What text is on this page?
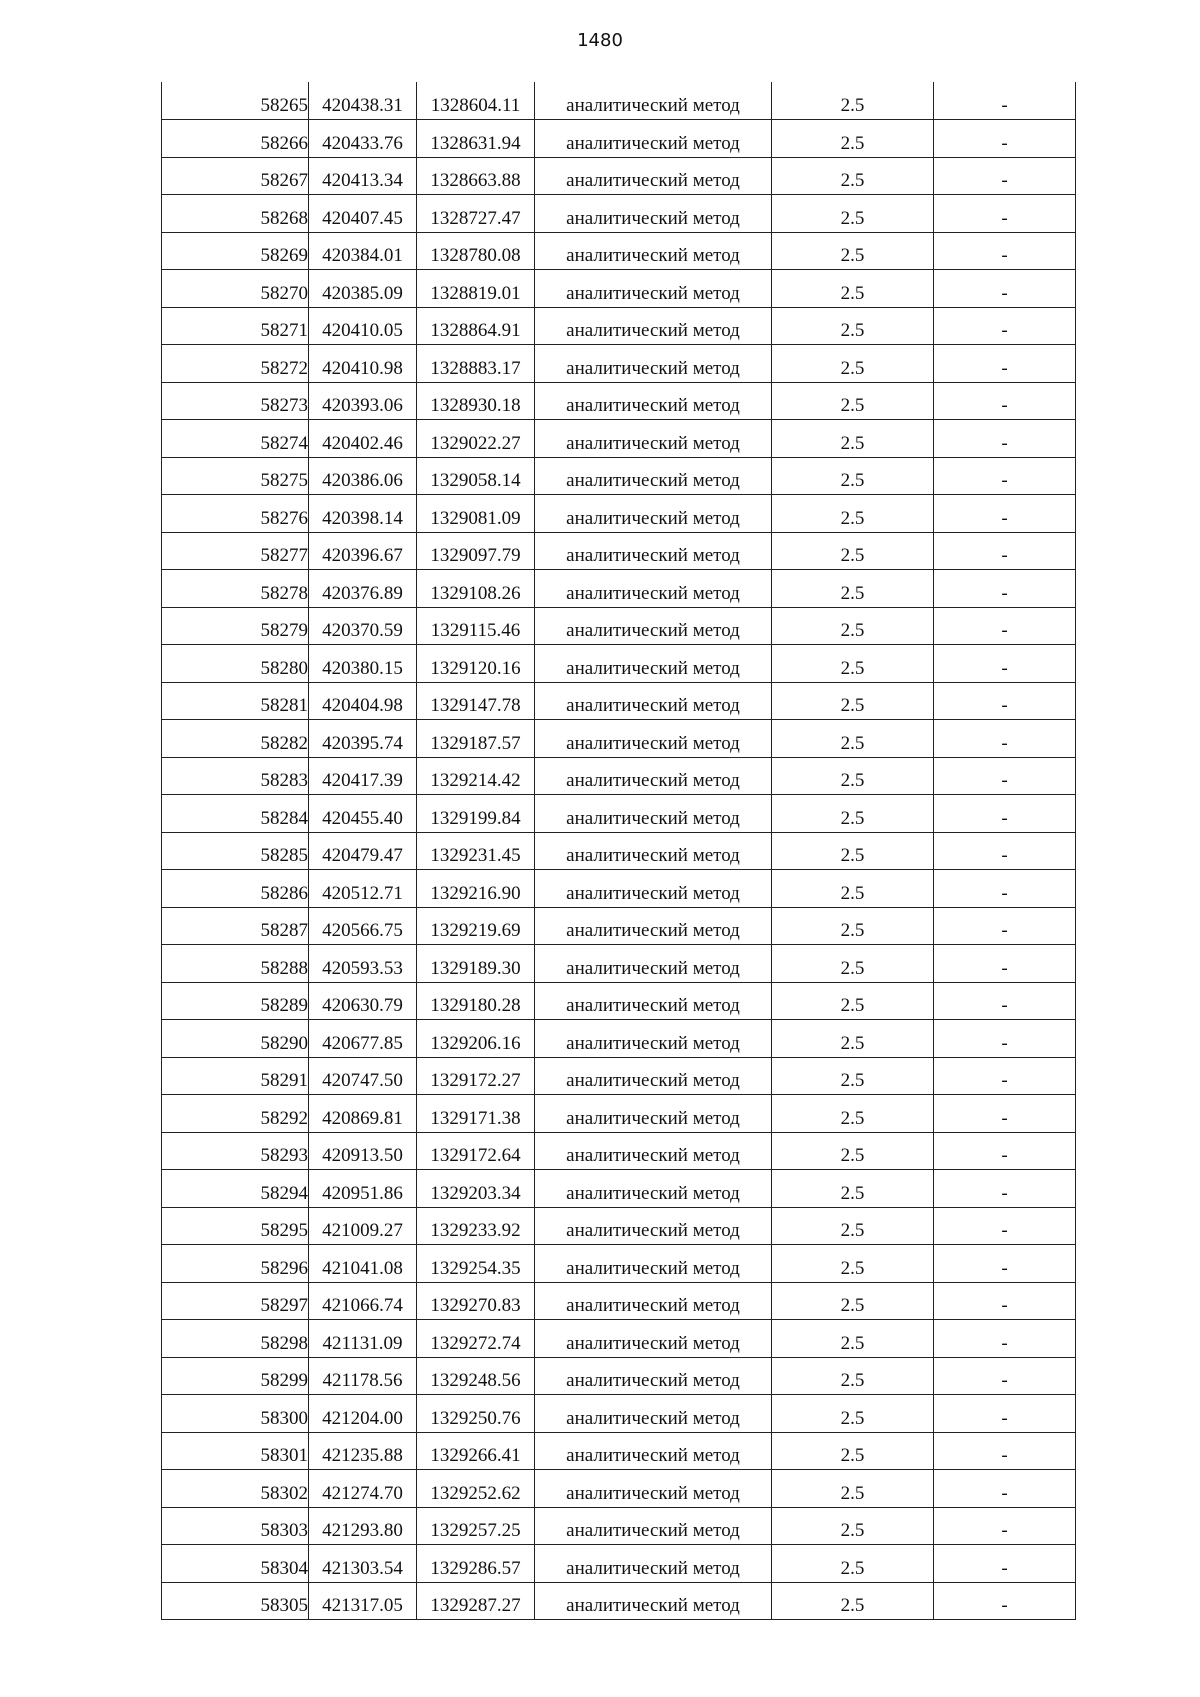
1480
58265	420438.31	1328604.11	аналитический метод	2.5	-
58266	420433.76	1328631.94	аналитический метод	2.5	-
58267	420413.34	1328663.88	аналитический метод	2.5	-
58268	420407.45	1328727.47	аналитический метод	2.5	-
58269	420384.01	1328780.08	аналитический метод	2.5	-
58270	420385.09	1328819.01	аналитический метод	2.5	-
58271	420410.05	1328864.91	аналитический метод	2.5	-
58272	420410.98	1328883.17	аналитический метод	2.5	-
58273	420393.06	1328930.18	аналитический метод	2.5	-
58274	420402.46	1329022.27	аналитический метод	2.5	-
58275	420386.06	1329058.14	аналитический метод	2.5	-
58276	420398.14	1329081.09	аналитический метод	2.5	-
58277	420396.67	1329097.79	аналитический метод	2.5	-
58278	420376.89	1329108.26	аналитический метод	2.5	-
58279	420370.59	1329115.46	аналитический метод	2.5	-
58280	420380.15	1329120.16	аналитический метод	2.5	-
58281	420404.98	1329147.78	аналитический метод	2.5	-
58282	420395.74	1329187.57	аналитический метод	2.5	-
58283	420417.39	1329214.42	аналитический метод	2.5	-
58284	420455.40	1329199.84	аналитический метод	2.5	-
58285	420479.47	1329231.45	аналитический метод	2.5	-
58286	420512.71	1329216.90	аналитический метод	2.5	-
58287	420566.75	1329219.69	аналитический метод	2.5	-
58288	420593.53	1329189.30	аналитический метод	2.5	-
58289	420630.79	1329180.28	аналитический метод	2.5	-
58290	420677.85	1329206.16	аналитический метод	2.5	-
58291	420747.50	1329172.27	аналитический метод	2.5	-
58292	420869.81	1329171.38	аналитический метод	2.5	-
58293	420913.50	1329172.64	аналитический метод	2.5	-
58294	420951.86	1329203.34	аналитический метод	2.5	-
58295	421009.27	1329233.92	аналитический метод	2.5	-
58296	421041.08	1329254.35	аналитический метод	2.5	-
58297	421066.74	1329270.83	аналитический метод	2.5	-
58298	421131.09	1329272.74	аналитический метод	2.5	-
58299	421178.56	1329248.56	аналитический метод	2.5	-
58300	421204.00	1329250.76	аналитический метод	2.5	-
58301	421235.88	1329266.41	аналитический метод	2.5	-
58302	421274.70	1329252.62	аналитический метод	2.5	-
58303	421293.80	1329257.25	аналитический метод	2.5	-
58304	421303.54	1329286.57	аналитический метод	2.5	-
58305	421317.05	1329287.27	аналитический метод	2.5	-
